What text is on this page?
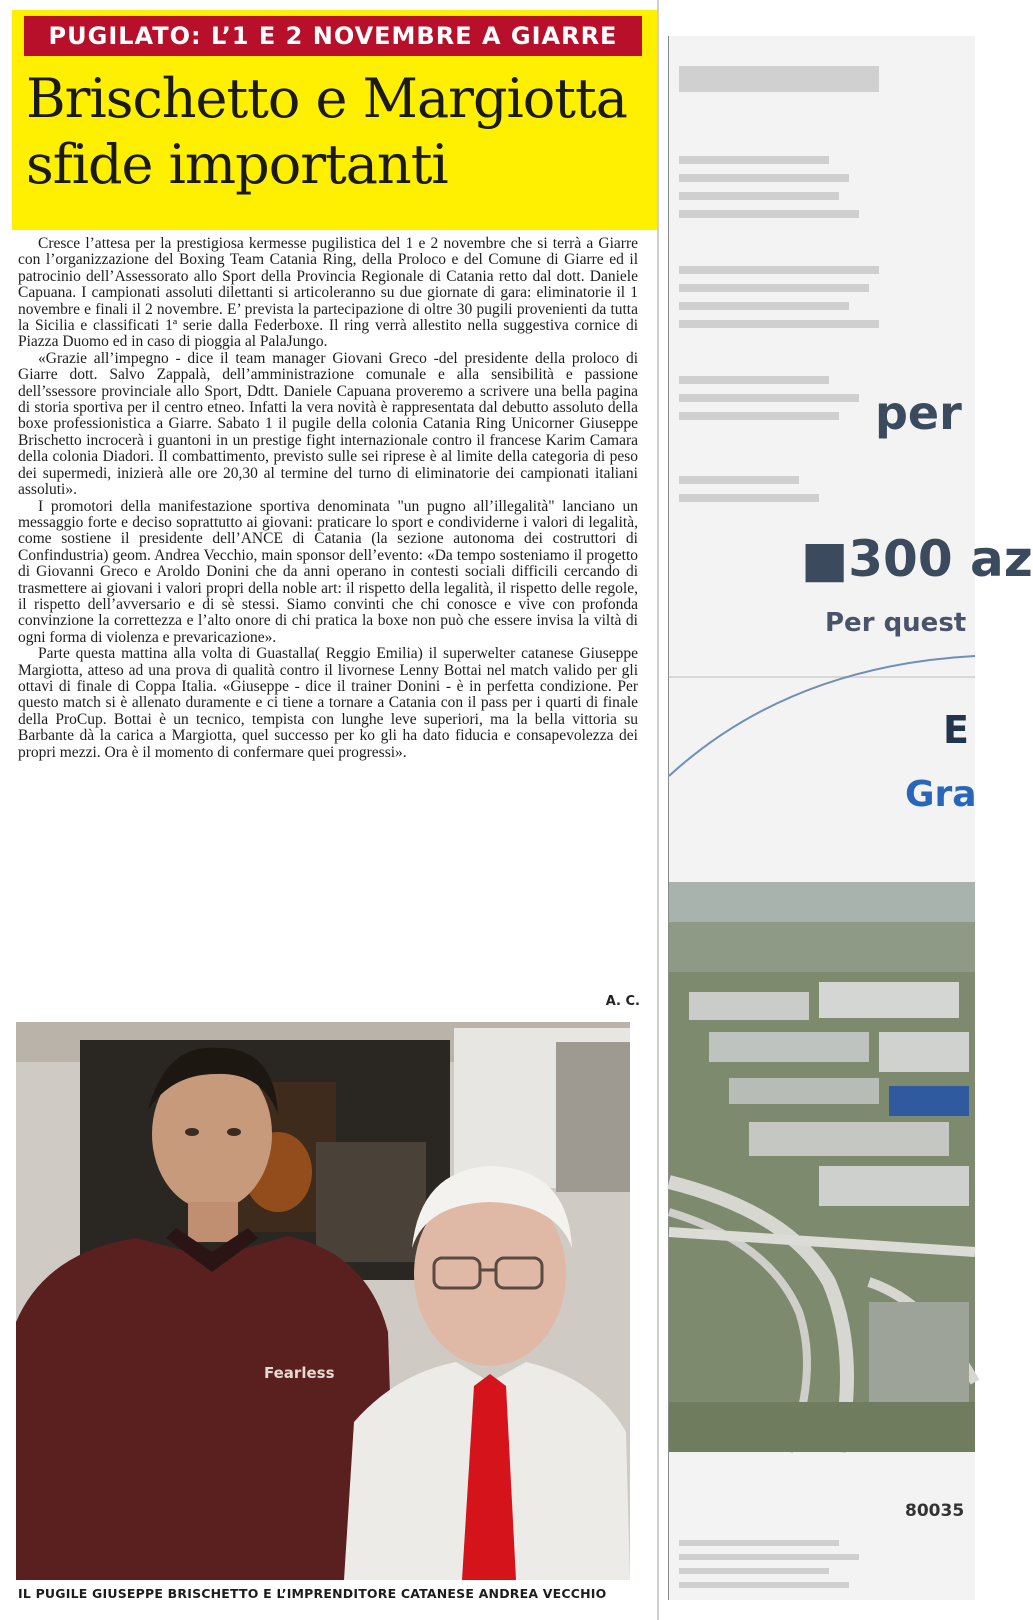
PUGILATO: L’1 E 2 NOVEMBRE A GIARRE
Brischetto e Margiotta
sfide importanti

Cresce l’attesa per la prestigiosa kermesse pugilistica del 1 e 2 novembre che si terrà a Giarre con l’organizzazione del Boxing Team Catania Ring, della Proloco e del Comune di Giarre ed il patrocinio dell’Assessorato allo Sport della Provincia Regionale di Catania retto dal dott. Daniele Capuana. I campionati assoluti dilettanti si articoleranno su due giornate di gara: eliminatorie il 1 novembre e finali il 2 novembre. E’ prevista la partecipazione di oltre 30 pugili provenienti da tutta la Sicilia e classificati 1ª serie dalla Federboxe. Il ring verrà allestito nella suggestiva cornice di Piazza Duomo ed in caso di pioggia al PalaJungo.

«Grazie all’impegno - dice il team manager Giovani Greco -del presidente della proloco di Giarre dott. Salvo Zappalà, dell’amministrazione comunale e alla sensibilità e passione dell’ssessore provinciale allo Sport, Ddtt. Daniele Capuana proveremo a scrivere una bella pagina di storia sportiva per il centro etneo. Infatti la vera novità è rappresentata dal debutto assoluto della boxe professionistica a Giarre. Sabato 1 il pugile della colonia Catania Ring Unicorner Giuseppe Brischetto incrocerà i guantoni in un prestige fight internazionale contro il francese Karim Camara della colonia Diadori. Il combattimento, previsto sulle sei riprese è al limite della categoria di peso dei supermedi, inizierà alle ore 20,30 al termine del turno di eliminatorie dei campionati italiani assoluti».

I promotori della manifestazione sportiva denominata "un pugno all’illegalità" lanciano un messaggio forte e deciso soprattutto ai giovani: praticare lo sport e condividerne i valori di legalità, come sostiene il presidente dell’ANCE di Catania (la sezione autonoma dei costruttori di Confindustria) geom. Andrea Vecchio, main sponsor dell’evento: «Da tempo sosteniamo il progetto di Giovanni Greco e Aroldo Donini che da anni operano in contesti sociali difficili cercando di trasmettere ai giovani i valori propri della noble art: il rispetto della legalità, il rispetto delle regole, il rispetto dell’avversario e di sè stessi. Siamo convinti che chi conosce e vive con profonda convinzione la correttezza e l’alto onore di chi pratica la boxe non può che essere invisa la viltà di ogni forma di violenza e prevaricazione».

Parte questa mattina alla volta di Guastalla( Reggio Emilia) il superwelter catanese Giuseppe Margiotta, atteso ad una prova di qualità contro il livornese Lenny Bottai nel match valido per gli ottavi di finale di Coppa Italia. «Giuseppe - dice il trainer Donini - è in perfetta condizione. Per questo match si è allenato duramente e ci tiene a tornare a Catania con il pass per i quarti di finale della ProCup. Bottai è un tecnico, tempista con lunghe leve superiori, ma la bella vittoria su Barbante dà la carica a Margiotta, quel successo per ko gli ha dato fiducia e consapevolezza dei propri mezzi. Ora è il momento di confermare quei progressi».

A. C.
Fearless
IL PUGILE GIUSEPPE BRISCHETTO E L’IMPRENDITORE CATANESE ANDREA VECCHIO
per
■300 az
Per quest
E
Gra
80035
